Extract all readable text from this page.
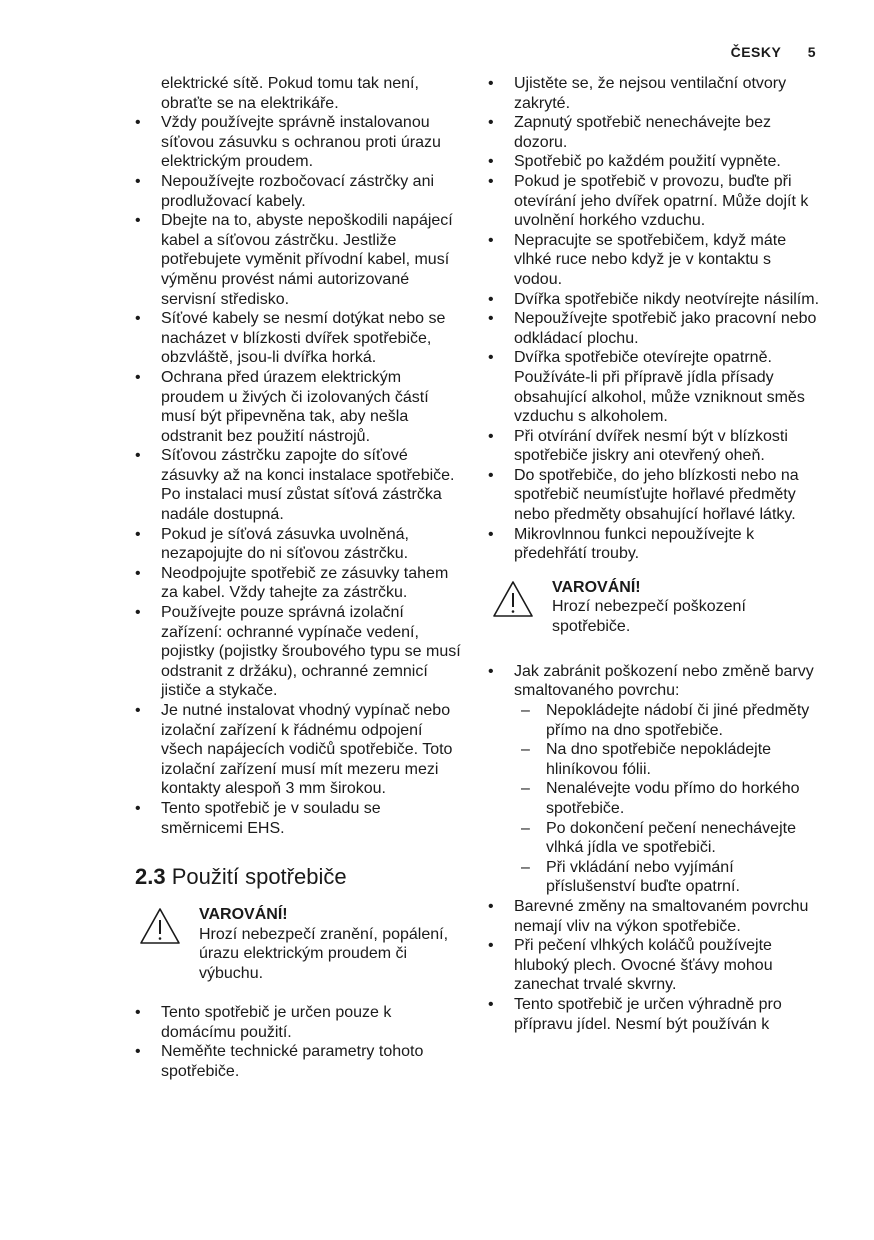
ČESKY 5

elektrické sítě. Pokud tomu tak není, obraťte se na elektrikáře.

• Vždy používejte správně instalovanou síťovou zásuvku s ochranou proti úrazu elektrickým proudem.
• Nepoužívejte rozbočovací zástrčky ani prodlužovací kabely.
• Dbejte na to, abyste nepoškodili napájecí kabel a síťovou zástrčku. Jestliže potřebujete vyměnit přívodní kabel, musí výměnu provést námi autorizované servisní středisko.
• Síťové kabely se nesmí dotýkat nebo se nacházet v blízkosti dvířek spotřebiče, obzvláště, jsou-li dvířka horká.
• Ochrana před úrazem elektrickým proudem u živých či izolovaných částí musí být připevněna tak, aby nešla odstranit bez použití nástrojů.
• Síťovou zástrčku zapojte do síťové zásuvky až na konci instalace spotřebiče. Po instalaci musí zůstat síťová zástrčka nadále dostupná.
• Pokud je síťová zásuvka uvolněná, nezapojujte do ni síťovou zástrčku.
• Neodpojujte spotřebič ze zásuvky tahem za kabel. Vždy tahejte za zástrčku.
• Používejte pouze správná izolační zařízení: ochranné vypínače vedení, pojistky (pojistky šroubového typu se musí odstranit z držáku), ochranné zemnicí jističe a stykače.
• Je nutné instalovat vhodný vypínač nebo izolační zařízení k řádnému odpojení všech napájecích vodičů spotřebiče. Toto izolační zařízení musí mít mezeru mezi kontakty alespoň 3 mm širokou.
• Tento spotřebič je v souladu se směrnicemi EHS.
2.3 Použití spotřebiče
VAROVÁNÍ!
Hrozí nebezpečí zranění, popálení, úrazu elektrickým proudem či výbuchu.
• Tento spotřebič je určen pouze k domácímu použití.
• Neměňte technické parametry tohoto spotřebiče.
• Ujistěte se, že nejsou ventilační otvory zakryté.
• Zapnutý spotřebič nenechávejte bez dozoru.
• Spotřebič po každém použití vypněte.
• Pokud je spotřebič v provozu, buďte při otevírání jeho dvířek opatrní. Může dojít k uvolnění horkého vzduchu.
• Nepracujte se spotřebičem, když máte vlhké ruce nebo když je v kontaktu s vodou.
• Dvířka spotřebiče nikdy neotvírejte násilím.
• Nepoužívejte spotřebič jako pracovní nebo odkládací plochu.
• Dvířka spotřebiče otevírejte opatrně. Používáte-li při přípravě jídla přísady obsahující alkohol, může vzniknout směs vzduchu s alkoholem.
• Při otvírání dvířek nesmí být v blízkosti spotřebiče jiskry ani otevřený oheň.
• Do spotřebiče, do jeho blízkosti nebo na spotřebič neumísťujte hořlavé předměty nebo předměty obsahující hořlavé látky.
• Mikrovlnnou funkci nepoužívejte k předehřátí trouby.
VAROVÁNÍ!
Hrozí nebezpečí poškození spotřebiče.
• Jak zabránit poškození nebo změně barvy smaltovaného povrchu:
– Nepokládejte nádobí či jiné předměty přímo na dno spotřebiče.
– Na dno spotřebiče nepokládejte hliníkovou fólii.
– Nenalévejte vodu přímo do horkého spotřebiče.
– Po dokončení pečení nenechávejte vlhká jídla ve spotřebiči.
– Při vkládání nebo vyjímání příslušenství buďte opatrní.
• Barevné změny na smaltovaném povrchu nemají vliv na výkon spotřebiče.
• Při pečení vlhkých koláčů používejte hluboký plech. Ovocné šťávy mohou zanechat trvalé skvrny.
• Tento spotřebič je určen výhradně pro přípravu jídel. Nesmí být používán k
